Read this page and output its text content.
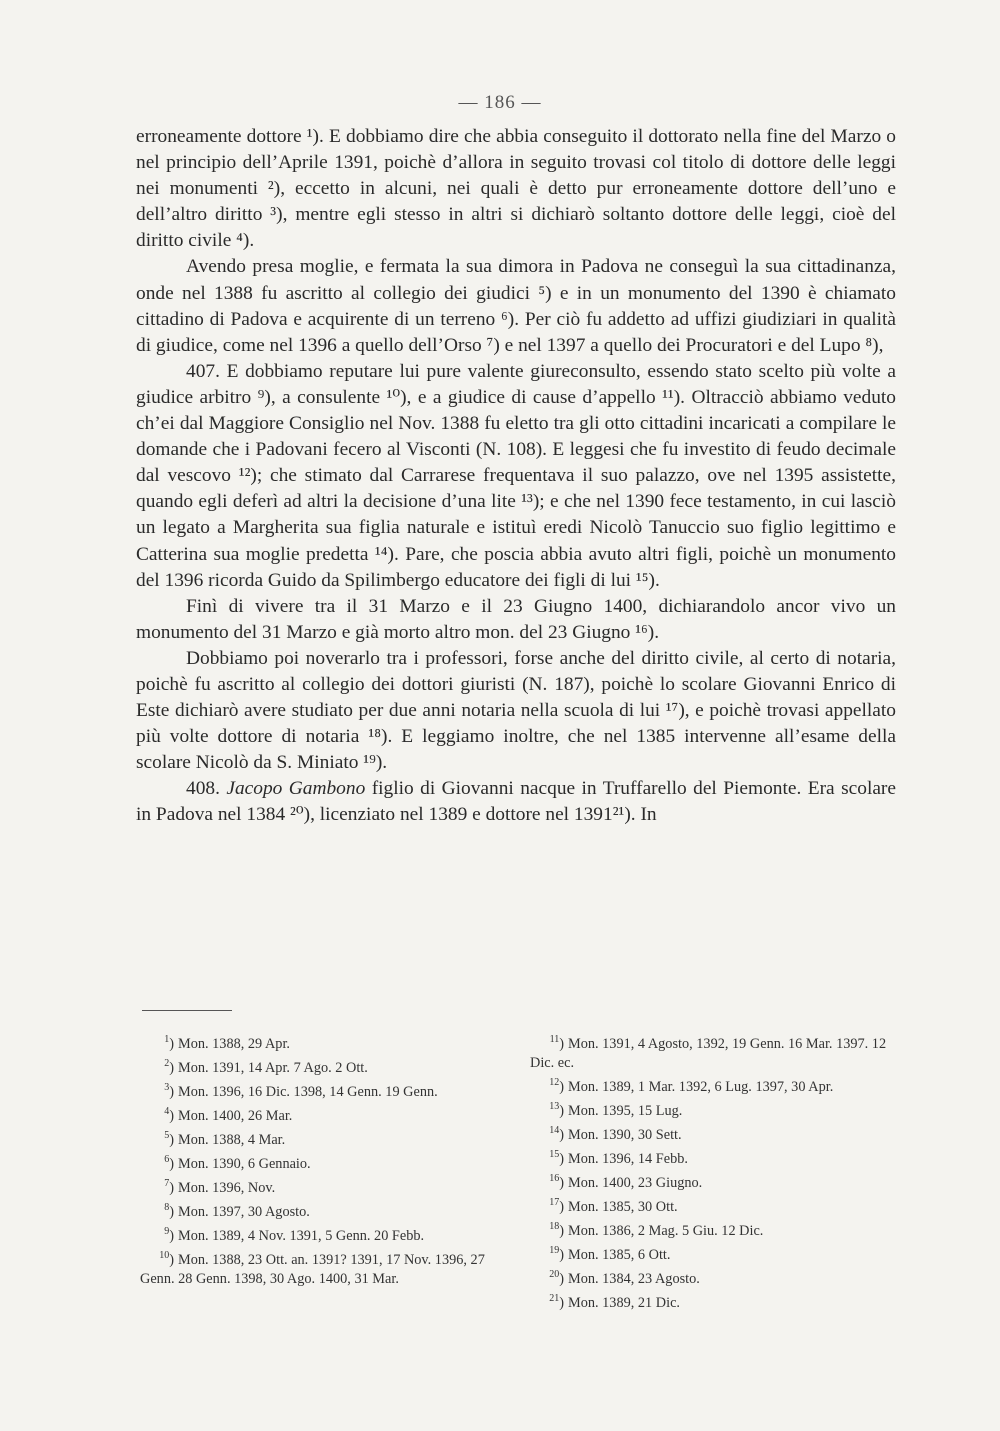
— 186 —

erroneamente dottore ¹). E dobbiamo dire che abbia conseguito il dottorato nella fine del Marzo o nel principio dell’Aprile 1391, poichè d’allora in seguito trovasi col titolo di dottore delle leggi nei monumenti ²), eccetto in alcuni, nei quali è detto pur erroneamente dottore dell’uno e dell’altro diritto ³), mentre egli stesso in altri si dichiarò soltanto dottore delle leggi, cioè del diritto civile ⁴).

Avendo presa moglie, e fermata la sua dimora in Padova ne conseguì la sua cittadinanza, onde nel 1388 fu ascritto al collegio dei giudici ⁵) e in un monumento del 1390 è chiamato cittadino di Padova e acquirente di un terreno ⁶). Per ciò fu addetto ad uffizi giudiziari in qualità di giudice, come nel 1396 a quello dell’Orso ⁷) e nel 1397 a quello dei Procuratori e del Lupo ⁸),

407. E dobbiamo reputare lui pure valente giureconsulto, essendo stato scelto più volte a giudice arbitro ⁹), a consulente ¹⁰), e a giudice di cause d’appello ¹¹). Oltracciò abbiamo veduto ch’ei dal Maggiore Consiglio nel Nov. 1388 fu eletto tra gli otto cittadini incaricati a compilare le domande che i Padovani fecero al Visconti (N. 108). E leggesi che fu investito di feudo decimale dal vescovo ¹²); che stimato dal Carrarese frequentava il suo palazzo, ove nel 1395 assistette, quando egli deferì ad altri la decisione d’una lite ¹³); e che nel 1390 fece testamento, in cui lasciò un legato a Margherita sua figlia naturale e istituì eredi Nicolò Tanuccio suo figlio legittimo e Catterina sua moglie predetta ¹⁴). Pare, che poscia abbia avuto altri figli, poichè un monumento del 1396 ricorda Guido da Spilimbergo educatore dei figli di lui ¹⁵).

Finì di vivere tra il 31 Marzo e il 23 Giugno 1400, dichiarandolo ancor vivo un monumento del 31 Marzo e già morto altro mon. del 23 Giugno ¹⁶).

Dobbiamo poi noverarlo tra i professori, forse anche del diritto civile, al certo di notaria, poichè fu ascritto al collegio dei dottori giuristi (N. 187), poichè lo scolare Giovanni Enrico di Este dichiarò avere studiato per due anni notaria nella scuola di lui ¹⁷), e poichè trovasi appellato più volte dottore di notaria ¹⁸). E leggiamo inoltre, che nel 1385 intervenne all’esame della scolare Nicolò da S. Miniato ¹⁹).

408. Jacopo Gambono figlio di Giovanni nacque in Truffarello del Piemonte. Era scolare in Padova nel 1384 ²⁰), licenziato nel 1389 e dottore nel 1391²¹). In

$^1$) Mon. 1388, 29 Apr.
$^2$) Mon. 1391, 14 Apr. 7 Ago. 2 Ott.
$^3$) Mon. 1396, 16 Dic. 1398, 14 Genn. 19 Genn.
$^4$) Mon. 1400, 26 Mar.
$^5$) Mon. 1388, 4 Mar.
$^6$) Mon. 1390, 6 Gennaio.
$^7$) Mon. 1396, Nov.
$^8$) Mon. 1397, 30 Agosto.
$^9$) Mon. 1389, 4 Nov. 1391, 5 Genn. 20 Febb.
$^{10}$) Mon. 1388, 23 Ott. an. 1391? 1391, 17 Nov. 1396, 27 Genn. 28 Genn. 1398, 30 Ago. 1400, 31 Mar.
$^{11}$) Mon. 1391, 4 Agosto, 1392, 19 Genn. 16 Mar. 1397. 12 Dic. ec.
$^{12}$) Mon. 1389, 1 Mar. 1392, 6 Lug. 1397, 30 Apr.
$^{13}$) Mon. 1395, 15 Lug.
$^{14}$) Mon. 1390, 30 Sett.
$^{15}$) Mon. 1396, 14 Febb.
$^{16}$) Mon. 1400, 23 Giugno.
$^{17}$) Mon. 1385, 30 Ott.
$^{18}$) Mon. 1386, 2 Mag. 5 Giu. 12 Dic.
$^{19}$) Mon. 1385, 6 Ott.
$^{20}$) Mon. 1384, 23 Agosto.
$^{21}$) Mon. 1389, 21 Dic.
